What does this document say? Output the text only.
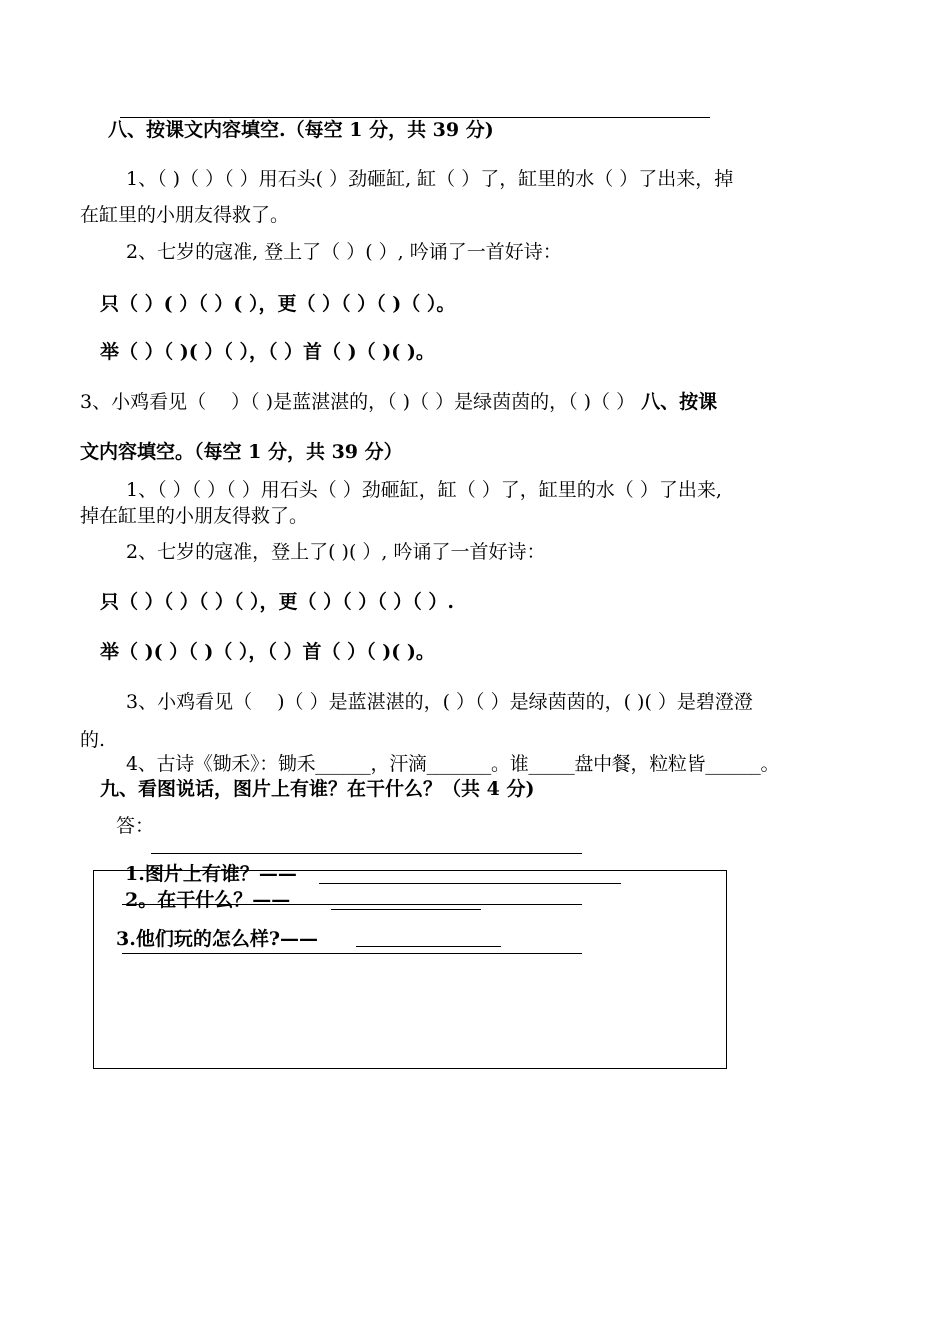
八、按课文内容填空.（每空 1 分，共 39 分)
1、（ )（ ）（ ）用石头( ）劲砸缸, 缸（ ）了，缸里的水（ ）了出来，掉
在缸里的小朋友得救了。
2、七岁的寇准, 登上了（ ）( ）, 吟诵了一首好诗：
只（ ）( ）（ ）( ），更（ ）（ ）（ )（ ）。
举（ ）（ )( ）（ ），（ ）首（ )（ )( )。
3、小鸡看见（　 ）（ )是蓝湛湛的，（ )（ ）是绿茵茵的，（ )（ ） 八、按课
文内容填空。（每空 1 分，共 39 分）
1、（ ）（ ）（ ）用石头（ ）劲砸缸，缸（ ）了，缸里的水（ ）了出来,
掉在缸里的小朋友得救了。
2、七岁的寇准，登上了( )( ）, 吟诵了一首好诗：
只（ ）（ ）（ ）（ ），更（ ）（ ）（ ）（ ）.
举（ )( ）（ )（ ），（ ）首（ ）（ )( )。
3、小鸡看见（　 )（ ）是蓝湛湛的，( ）（ ）是绿茵茵的，( )( ）是碧澄澄
的.
4、古诗《锄禾》：锄禾______，汗滴_______。谁_____盘中餐，粒粒皆______。
九、看图说话，图片上有谁？在干什么？（共 4 分)
答：
1.图片上有谁？——
2。在干什么？——
3.他们玩的怎么样?——
